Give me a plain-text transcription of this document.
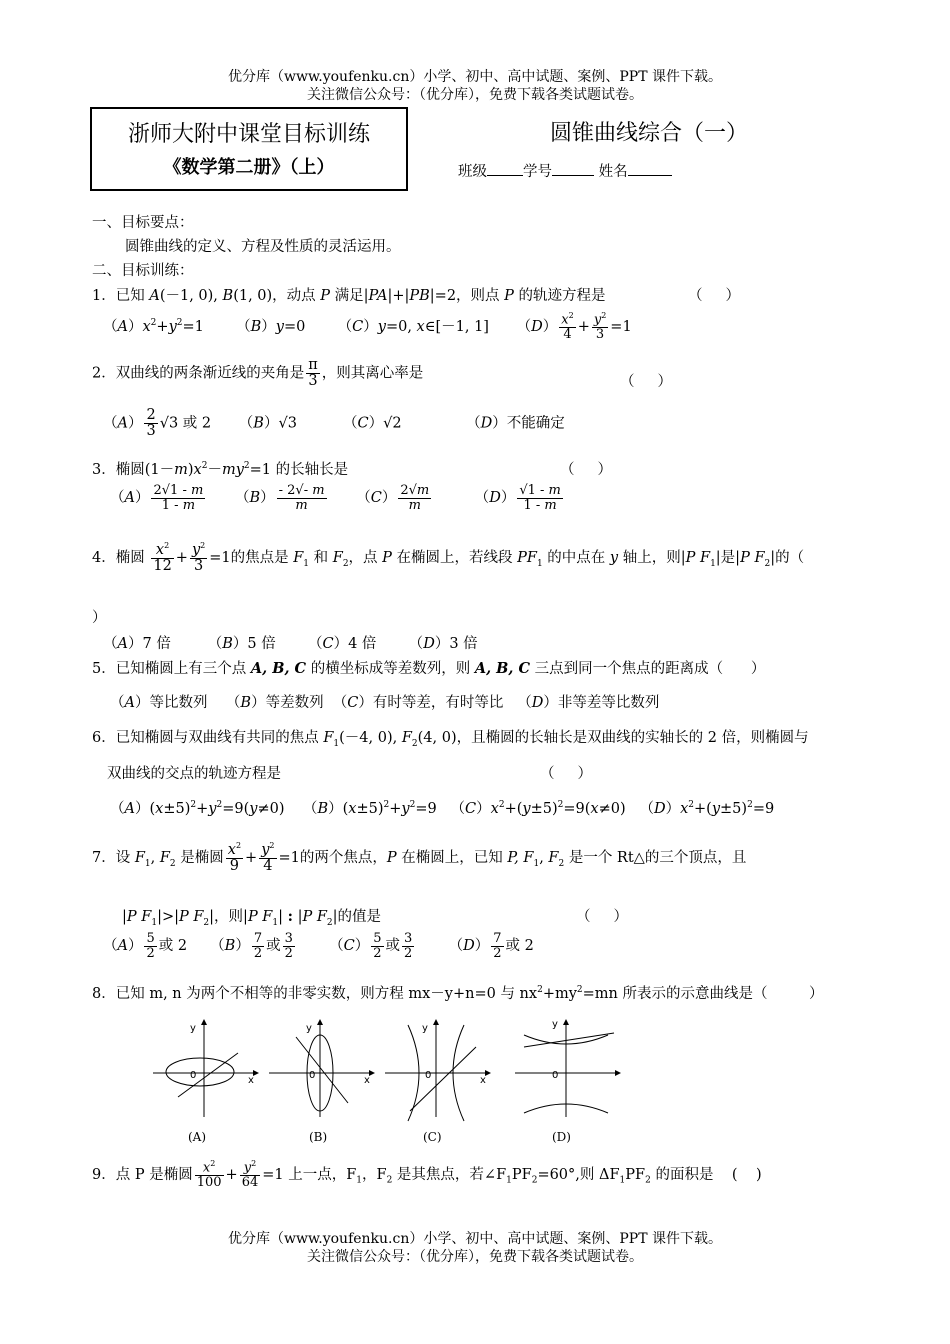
优分库（www.youfenku.cn）小学、初中、高中试题、案例、PPT 课件下载。
关注微信公众号：（优分库），免费下载各类试题试卷。
浙师大附中课堂目标训练
《数学第二册》（上）
圆锥曲线综合（一）
班级 学号	姓名
一、目标要点：
圆锥曲线的定义、方程及性质的灵活运用。
二、目标训练：
1．已知 A(－1, 0), B(1, 0)，动点 P 满足|PA|+|PB|=2，则点 P 的轨迹方程是	（     ）
$(A)x^2+y^2=1$       （B）y=0       （C）y=0, x∈[－1, 1]      $(D) \frac{x^2}{4} + \frac{y^2}{3} =1$
2．双曲线的两条渐近线的夹角是 $\frac{\pi}{3}$ ，则其离心率是
（     ）
$(A) \frac{2}{3} √3$ 或 2      （B）√3          （C）√2              （D）不能确定
3．椭圆$(1-m)x^2-my^2=1$ 的长轴长是	（     ）
$(A) \frac{2√1 - m}{1 - m} (B) \frac{- 2√- m}{m} (C) \frac{2√m}{m} (D) \frac{√1 - m}{1 - m}$
4．椭圆 $\frac{x^2}{12} + \frac{y^2}{3} =1$的焦点是 $F_1$ 和 $F_2$，点 P 在椭圆上，若线段 $PF_1$ 的中点在 y 轴上，则|P $F_1|$是|P $F_2|$的（
）
（A）7 倍        （B）5 倍       （C）4 倍       （D）3 倍
5．已知椭圆上有三个点 A, B, C 的横坐标成等差数列，则 A, B, C 三点到同一个焦点的距离成（      ）
（A）等比数列    （B）等差数列  （C）有时等差，有时等比   （D）非等差等比数列
6．已知椭圆与双曲线有共同的焦点 $F_1(-4$, 0), $F_2(4$, 0)，且椭圆的长轴长是双曲线的实轴长的 2 倍，则椭圆与
双曲线的交点的轨迹方程是	（     ）
$(A)(x\pm 5)^2+y^2=9(y\ne 0)$    $(B)(x\pm 5)^2+y^2=9$   $(C)x^2+(y\pm 5)^2=9(x\ne 0)$   $(D)x^2+(y\pm 5)^2=9$
7．设 $F_1$, $F_2$ 是椭圆 $\frac{x^2}{9} + \frac{y^2}{4} =1$的两个焦点，P 在椭圆上，已知 P, $F_1$, $F_2$ 是一个 Rt△的三个顶点，且
|P $F_1|>|P$ $F_2|$，则|P $F_1|$ : |P $F_2|$的值是	（     ）
$(A) \frac{5}{2}$ 或 2     $(B) \frac{7}{2}$ 或 $\frac{3}{2} (C) \frac{5}{2}$ 或 $\frac{3}{2} (D) \frac{7}{2}$ 或 2
8．已知 m, n 为两个不相等的非零实数，则方程 mx－y+n=0 与 $nx^2+my^2=mn$ 所表示的示意曲线是（         ）
0	x
y
(A)
0	x
y
(B)
0	x
y
(C)
0
y
(D)
9．点 P 是椭圆 $\frac{x^2}{100} + \frac{y^2}{64} =1$ 上一点，$F_1$，$F_2$ 是其焦点，若$\angle F_1PF_2=60^\circ$,则 $\Delta F_1PF_2$ 的面积是    (    )
优分库（www.youfenku.cn）小学、初中、高中试题、案例、PPT 课件下载。
关注微信公众号：（优分库），免费下载各类试题试卷。
